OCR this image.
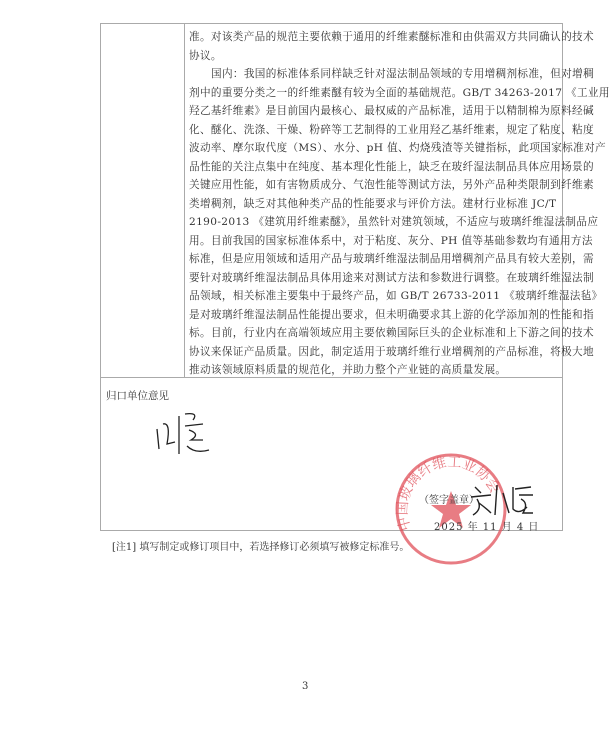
准。对该类产品的规范主要依赖于通用的纤维素醚标准和由供需双方共同确认的技术
协议。
国内：我国的标准体系同样缺乏针对湿法制品领域的专用增稠剂标准，但对增稠
剂中的重要分类之一的纤维素醚有较为全面的基础规范。GB/T 34263-2017 《工业用
羟乙基纤维素》是目前国内最核心、最权威的产品标准，适用于以精制棉为原料经碱
化、醚化、洗涤、干燥、粉碎等工艺制得的工业用羟乙基纤维素，规定了粘度、粘度
波动率、摩尔取代度（MS）、水分、pH 值、灼烧残渣等关键指标，此项国家标准对产
品性能的关注点集中在纯度、基本理化性能上，缺乏在玻纤湿法制品具体应用场景的
关键应用性能，如有害物质成分、气泡性能等测试方法，另外产品种类限制到纤维素
类增稠剂，缺乏对其他种类产品的性能要求与评价方法。建材行业标准 JC/T
2190-2013 《建筑用纤维素醚》，虽然针对建筑领域，不适应与玻璃纤维湿法制品应
用。目前我国的国家标准体系中，对于粘度、灰分、PH 值等基础参数均有通用方法
标准，但是应用领域和适用产品与玻璃纤维湿法制品用增稠剂产品具有较大差别，需
要针对玻璃纤维湿法制品具体用途来对测试方法和参数进行调整。在玻璃纤维湿法制
品领域，相关标准主要集中于最终产品，如 GB/T 26733-2011 《玻璃纤维湿法毡》
是对玻璃纤维湿法制品性能提出要求，但未明确要求其上游的化学添加剂的性能和指
标。目前，行业内在高端领域应用主要依赖国际巨头的企业标准和上下游之间的技术
协议来保证产品质量。因此，制定适用于玻璃纤维行业增稠剂的产品标准，将极大地
推动该领域原料质量的规范化，并助力整个产业链的高质量发展。
归口单位意见
中国玻璃纤维工业协会
（签字盖章）
2025 年 11 月 4 日
[注1] 填写制定或修订项目中，若选择修订必须填写被修定标准号。
3
